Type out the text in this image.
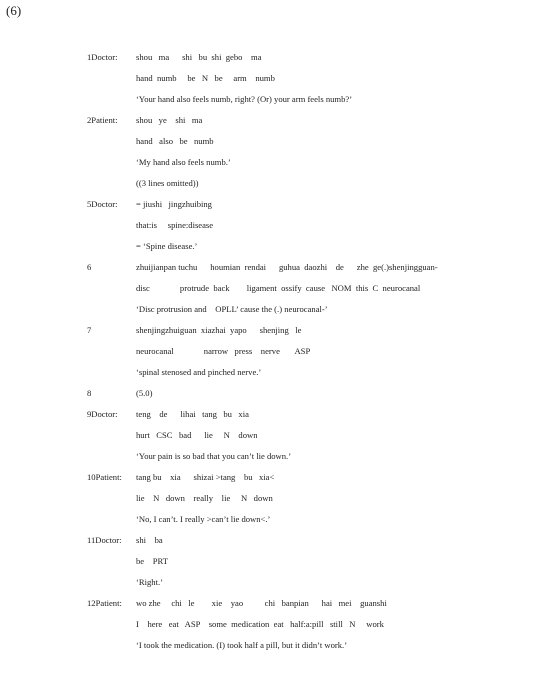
(6)
1Doctor: shou   ma      shi   bu  shi  gebo    ma
hand  numb     be   N   be     arm    numb
‘Your hand also feels numb, right? (Or) your arm feels numb?’
2Patient: shou   ye    shi   ma
hand   also   be   numb
‘My hand also feels numb.’
((3 lines omitted))
5Doctor: = jiushi   jingzhuibing
that:is     spine:disease
= ‘Spine disease.’
6	zhuijianpan tuchu      houmian  rendai      guhua  daozhi    de      zhe  ge(.)shenjingguan-
disc              protrude  back        ligament  ossify  cause   NOM  this  C  neurocanal
‘Disc protrusion and    OPLL’ cause the (.) neurocanal-’
7	shenjingzhuiguan  xiazhai  yapo      shenjing   le
neurocanal              narrow   press    nerve       ASP
‘spinal stenosed and pinched nerve.’
8	(5.0)
9Doctor: teng    de      lihai   tang   bu   xia
hurt   CSC   bad      lie     N    down
‘Your pain is so bad that you can’t lie down.’
10Patient: tang bu    xia      shizai >tang    bu   xia<
lie    N   down    really    lie     N   down
‘No, I can’t. I really >can’t lie down<.’
11Doctor: shi    ba
be    PRT
‘Right.’
12Patient: wo zhe     chi   le        xie    yao          chi   banpian      hai   mei    guanshi
I    here   eat   ASP    some  medication  eat   half:a:pill   still   N     work
‘I took the medication. (I) took half a pill, but it didn’t work.’
